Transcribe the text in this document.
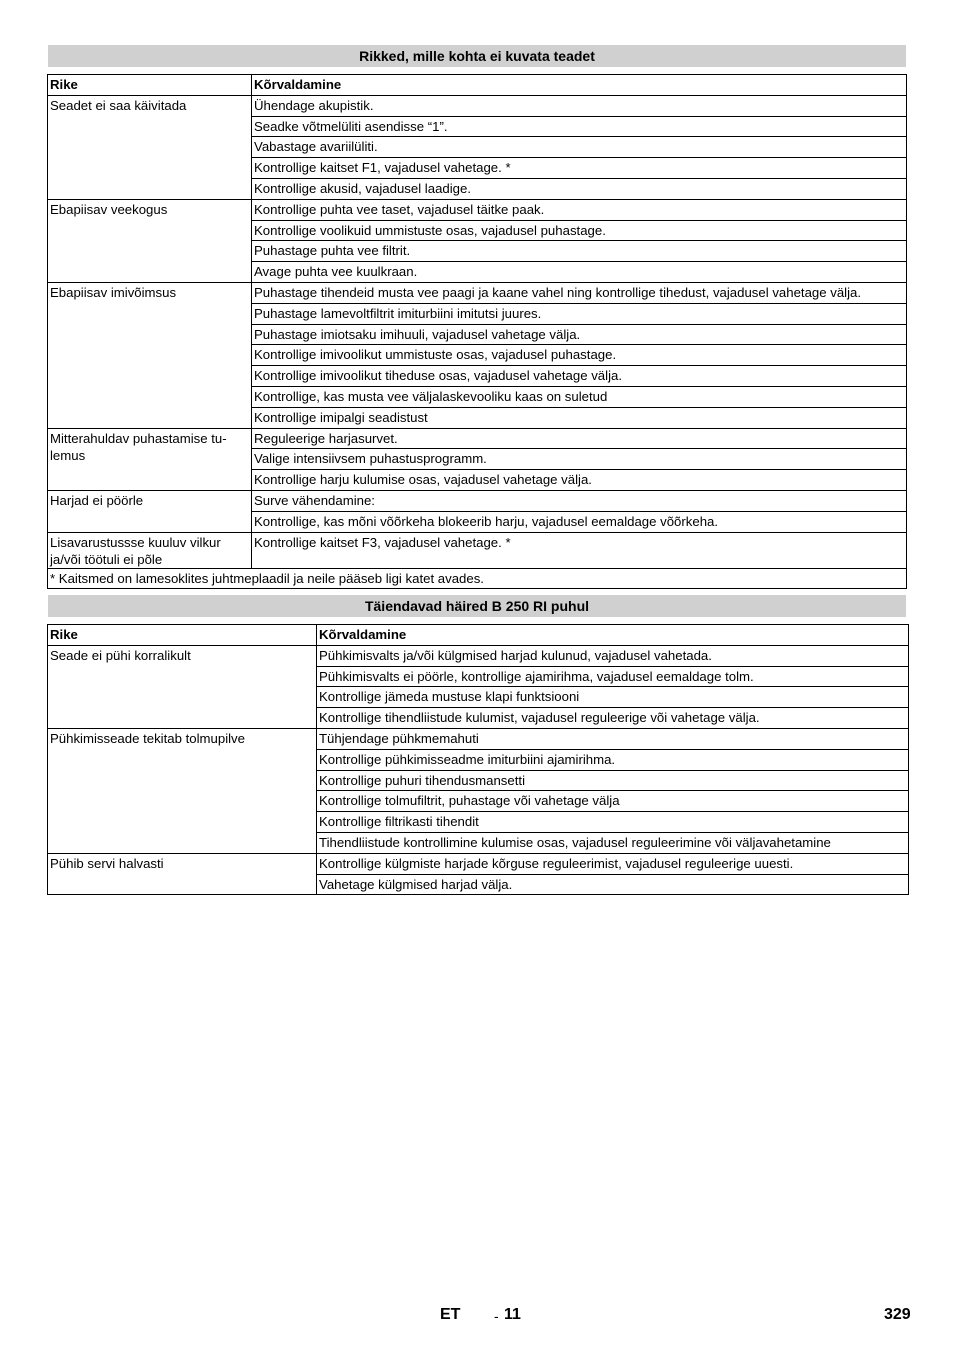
Rikked, mille kohta ei kuvata teadet
Rike	Kõrvaldamine
Seadet ei saa käivitada	Ühendage akupistik.
	Seadke võtmelüliti asendisse “1”.
	Vabastage avariilüliti.
	Kontrollige kaitset F1, vajadusel vahetage. *
	Kontrollige akusid, vajadusel laadige.
Ebapiisav veekogus	Kontrollige puhta vee taset, vajadusel täitke paak.
	Kontrollige voolikuid ummistuste osas, vajadusel puhastage.
	Puhastage puhta vee filtrit.
	Avage puhta vee kuulkraan.
Ebapiisav imivõimsus	Puhastage tihendeid musta vee paagi ja kaane vahel ning kontrollige tihedust, vajadusel vahetage välja.
	Puhastage lamevoltfiltrit imiturbiini imitutsi juures.
	Puhastage imiotsaku imihuuli, vajadusel vahetage välja.
	Kontrollige imivoolikut ummistuste osas, vajadusel puhastage.
	Kontrollige imivoolikut tiheduse osas, vajadusel vahetage välja.
	Kontrollige, kas musta vee väljalaskevooliku kaas on suletud
	Kontrollige imipalgi seadistust
Mitterahuldav puhastamise tu-
lemus	Reguleerige harjasurvet.
	Valige intensiivsem puhastusprogramm.
	Kontrollige harju kulumise osas, vajadusel vahetage välja.
Harjad ei pöörle	Surve vähendamine:
	Kontrollige, kas mõni võõrkeha blokeerib harju, vajadusel eemaldage võõrkeha.
Lisavarustussse kuuluv vilkur ja/või töötuli ei põle	Kontrollige kaitset F3, vajadusel vahetage. *
* Kaitsmed on lamesoklites juhtmeplaadil ja neile pääseb ligi katet avades.	
Täiendavad häired B 250 RI puhul
Rike	Kõrvaldamine
Seade ei pühi korralikult	Pühkimisvalts ja/või külgmised harjad kulunud, vajadusel vahetada.
	Pühkimisvalts ei pöörle, kontrollige ajamirihma, vajadusel eemaldage tolm.
	Kontrollige jämeda mustuse klapi funktsiooni
	Kontrollige tihendliistude kulumist, vajadusel reguleerige või vahetage välja.
Pühkimisseade tekitab tolmupilve	Tühjendage pühkmemahuti
	Kontrollige pühkimisseadme imiturbiini ajamirihma.
	Kontrollige puhuri tihendusmansetti
	Kontrollige tolmufiltrit, puhastage või vahetage välja
	Kontrollige filtrikasti tihendit
	Tihendliistude kontrollimine kulumise osas, vajadusel reguleerimine või väljavahetamine
Pühib servi halvasti	Kontrollige külgmiste harjade kõrguse reguleerimist, vajadusel reguleerige uuesti.
	Vahetage külgmised harjad välja.
ET - 11	329
